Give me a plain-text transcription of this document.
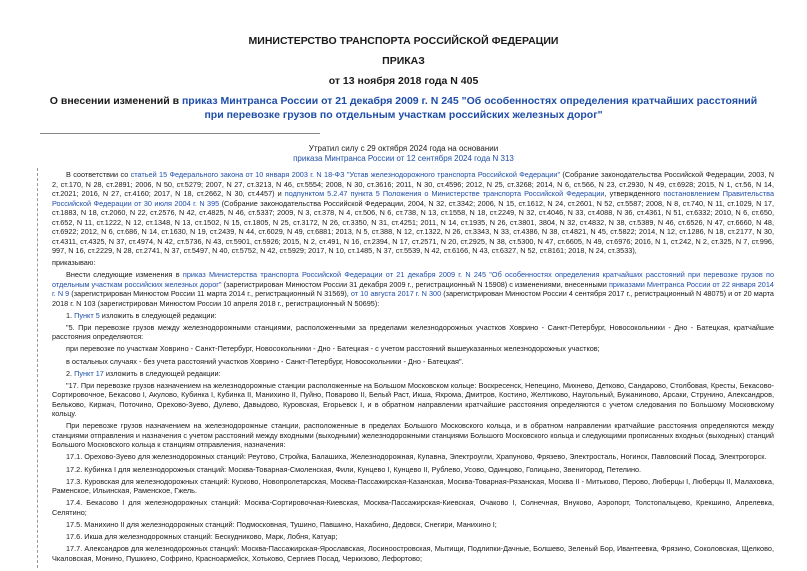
МИНИСТЕРСТВО ТРАНСПОРТА РОССИЙСКОЙ ФЕДЕРАЦИИ
ПРИКАЗ
от 13 ноября 2018 года N 405
О внесении изменений в приказ Минтранса России от 21 декабря 2009 г. N 245 "Об особенностях определения кратчайших расстояний при перевозке грузов по отдельным участкам российских железных дорог"
Утратил силу с 29 октября 2024 года на основании
приказа Минтранса России от 12 сентября 2024 года N 313

В соответствии со статьей 15 Федерального закона от 10 января 2003 г. N 18-ФЗ "Устав железнодорожного транспорта Российской Федерации" (Собрание законодательства Российской Федерации, 2003, N 2, ст.170, N 28, ст.2891; 2006, N 50, ст.5279; 2007, N 27, ст.3213, N 46, ст.5554; 2008, N 30, ст.3616; 2011, N 30, ст.4596; 2012, N 25, ст.3268; 2014, N 6, ст.566, N 23, ст.2930, N 49, ст.6928; 2015, N 1, ст.56, N 14, ст.2021; 2016, N 27, ст.4160; 2017, N 18, ст.2662, N 30, ст.4457) и подпунктом 5.2.47 пункта 5 Положения о Министерстве транспорта Российской Федерации, утвержденного постановлением Правительства Российской Федерации от 30 июля 2004 г. N 395 (Собрание законодательства Российской Федерации, 2004, N 32, ст.3342; 2006, N 15, ст.1612, N 24, ст.2601, N 52, ст.5587; 2008, N 8, ст.740, N 11, ст.1029, N 17, ст.1883, N 18, ст.2060, N 22, ст.2576, N 42, ст.4825, N 46, ст.5337; 2009, N 3, ст.378, N 4, ст.506, N 6, ст.738, N 13, ст.1558, N 18, ст.2249, N 32, ст.4046, N 33, ст.4088, N 36, ст.4361, N 51, ст.6332; 2010, N 6, ст.650, ст.652, N 11, ст.1222, N 12, ст.1348, N 13, ст.1502, N 15, ст.1805, N 25, ст.3172, N 26, ст.3350, N 31, ст.4251; 2011, N 14, ст.1935, N 26, ст.3801, 3804, N 32, ст.4832, N 38, ст.5389, N 46, ст.6526, N 47, ст.6660, N 48, ст.6922; 2012, N 6, ст.686, N 14, ст.1630, N 19, ст.2439, N 44, ст.6029, N 49, ст.6881; 2013, N 5, ст.388, N 12, ст.1322, N 26, ст.3343, N 33, ст.4386, N 38, ст.4821, N 45, ст.5822; 2014, N 12, ст.1286, N 18, ст.2177, N 30, ст.4311, ст.4325, N 37, ст.4974, N 42, ст.5736, N 43, ст.5901, ст.5926; 2015, N 2, ст.491, N 16, ст.2394, N 17, ст.2571, N 20, ст.2925, N 38, ст.5300, N 47, ст.6605, N 49, ст.6976; 2016, N 1, ст.242, N 2, ст.325, N 7, ст.996, 997, N 16, ст.2229, N 28, ст.2741, N 37, ст.5497, N 40, ст.5752, N 42, ст.5929; 2017, N 10, ст.1485, N 37, ст.5539, N 42, ст.6166, N 43, ст.6327, N 52, ст.8161; 2018, N 24, ст.3533),

приказываю:

Внести следующие изменения в приказ Министерства транспорта Российской Федерации от 21 декабря 2009 г. N 245 "Об особенностях определения кратчайших расстояний при перевозке грузов по отдельным участкам российских железных дорог" (зарегистрирован Минюстом России 31 декабря 2009 г., регистрационный N 15908) с изменениями, внесенными приказами Минтранса России от 22 января 2014 г. N 9 (зарегистрирован Минюстом России 11 марта 2014 г., регистрационный N 31569), от 10 августа 2017 г. N 300 (зарегистрирован Минюстом России 4 сентября 2017 г., регистрационный N 48075) и от 20 марта 2018 г. N 103 (зарегистрирован Минюстом России 10 апреля 2018 г., регистрационный N 50695):

1. Пункт 5 изложить в следующей редакции:

"5. При перевозке грузов между железнодорожными станциями, расположенными за пределами железнодорожных участков Ховрино - Санкт-Петербург, Новосокольники - Дно - Батецкая, кратчайшие расстояния определяются:

при перевозке по участкам Ховрино - Санкт-Петербург, Новосокольники - Дно - Батецкая - с учетом расстояний вышеуказанных железнодорожных участков;

в остальных случаях - без учета расстояний участков Ховрино - Санкт-Петербург, Новосокольники - Дно - Батецкая".

2. Пункт 17 изложить в следующей редакции:

"17. При перевозке грузов назначением на железнодорожные станции расположенные на Большом Московском кольце: Воскресенск, Непецино, Михнево, Детково, Сандарово, Столбовая, Кресты, Бекасово-Сортировочное, Бекасово I, Акулово, Кубинка I, Кубинка II, Манихино II, Пуйно, Поварово II, Белый Раст, Икша, Яхрома, Дмитров, Костино, Желтиково, Наугольный, Бужаниново, Арсаки, Струнино, Александров, Бельково, Киржач, Поточино, Орехово-Зуево, Дулево, Давыдово, Куровская, Егорьевск I, и в обратном направлении кратчайшие расстояния определяются с учетом следования по Большому Московскому кольцу.

При перевозке грузов назначением на железнодорожные станции, расположенные в пределах Большого Московского кольца, и в обратном направлении кратчайшие расстояния определяются между станциями отправления и назначения с учетом расстояний между входными (выходными) железнодорожными станциями Большого Московского кольца и следующими прописанных входных (выходных) станций Большого Московского кольца к станциям отправления, назначения:

17.1. Орехово-Зуево для железнодорожных станций: Реутово, Стройка, Балашиха, Железнодорожная, Купавна, Электроугли, Храпуново, Фрязево, Электросталь, Ногинск, Павловский Посад, Электрогорск.

17.2. Кубинка I для железнодорожных станций: Москва-Товарная-Смоленская, Фили, Кунцево I, Кунцево II, Рублево, Усово, Одинцово, Голицыно, Звенигород, Петелино.

17.3. Куровская для железнодорожных станций: Кусково, Новопролетарская, Москва-Пассажирская-Казанская, Москва-Товарная-Рязанская, Москва II - Митьково, Перово, Люберцы I, Люберцы II, Малаховка, Раменское, Ильинская, Раменское, Гжель.

17.4. Бекасово I для железнодорожных станций: Москва-Сортировочная-Киевская, Москва-Пассажирская-Киевская, Очаково I, Солнечная, Внуково, Аэропорт, Толстопальцево, Крекшино, Апрелевка, Селятино;

17.5. Манихино II для железнодорожных станций: Подмосковная, Тушино, Павшино, Нахабино, Дедовск, Снегири, Манихино I;

17.6. Икша для железнодорожных станций: Бескудниково, Марк, Лобня, Катуар;

17.7. Александров для железнодорожных станций: Москва-Пассажирская-Ярославская, Лосиноостровская, Мытищи, Подлипки-Дачные, Болшево, Зеленый Бор, Ивантеевка, Фрязино, Соколовская, Щелково, Чкаловская, Монино, Пушкино, Софрино, Красноармейск, Хотьково, Сергиев Посад, Черкизово, Лефортово;
